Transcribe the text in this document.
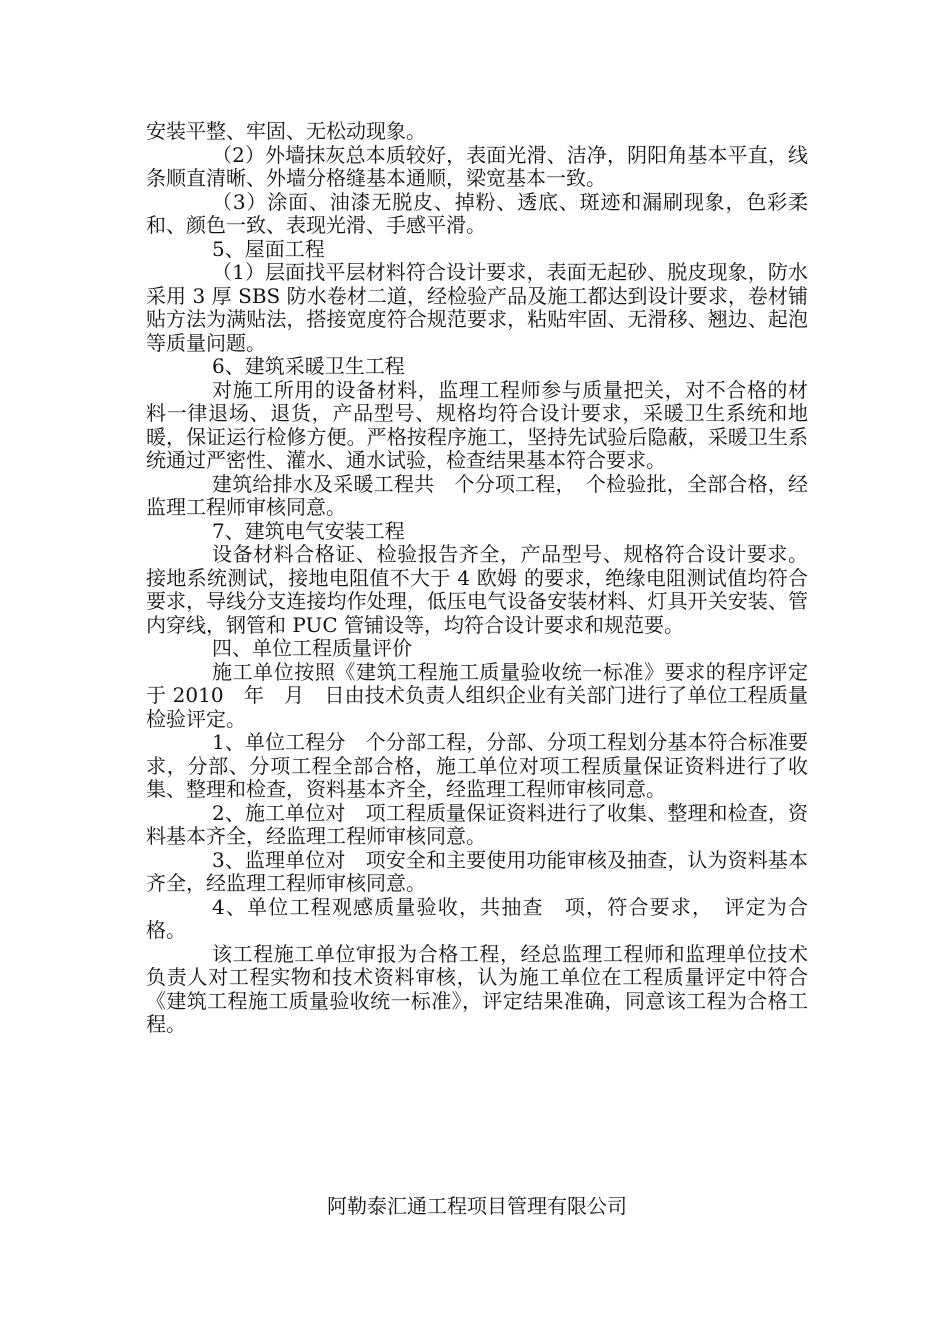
安装平整、牢固、无松动现象。

（2）外墙抹灰总本质较好，表面光滑、洁净，阴阳角基本平直，线条顺直清晰、外墙分格缝基本通顺，梁宽基本一致。

（3）涂面、油漆无脱皮、掉粉、透底、斑迹和漏刷现象，色彩柔和、颜色一致、表现光滑、手感平滑。

5、屋面工程

（1）层面找平层材料符合设计要求，表面无起砂、脱皮现象，防水采用 3 厚 SBS 防水卷材二道，经检验产品及施工都达到设计要求，卷材铺贴方法为满贴法，搭接宽度符合规范要求，粘贴牢固、无滑移、翘边、起泡等质量问题。

6、建筑采暖卫生工程

对施工所用的设备材料，监理工程师参与质量把关，对不合格的材料一律退场、退货，产品型号、规格均符合设计要求，采暖卫生系统和地暖，保证运行检修方便。严格按程序施工，坚持先试验后隐蔽，采暖卫生系统通过严密性、灌水、通水试验，检查结果基本符合要求。

建筑给排水及采暖工程共　个分项工程，　个检验批，全部合格，经监理工程师审核同意。

7、建筑电气安装工程

设备材料合格证、检验报告齐全，产品型号、规格符合设计要求。接地系统测试，接地电阻值不大于 4 欧姆 的要求，绝缘电阻测试值均符合要求，导线分支连接均作处理，低压电气设备安装材料、灯具开关安装、管内穿线，钢管和 PUC 管铺设等，均符合设计要求和规范要。

四、单位工程质量评价

施工单位按照《建筑工程施工质量验收统一标准》要求的程序评定于 2010　年　月　日由技术负责人组织企业有关部门进行了单位工程质量检验评定。

1、单位工程分　个分部工程，分部、分项工程划分基本符合标准要求，分部、分项工程全部合格，施工单位对项工程质量保证资料进行了收集、整理和检查，资料基本齐全，经监理工程师审核同意。

2、施工单位对　项工程质量保证资料进行了收集、整理和检查，资料基本齐全，经监理工程师审核同意。

3、监理单位对　项安全和主要使用功能审核及抽查，认为资料基本齐全，经监理工程师审核同意。

4、单位工程观感质量验收，共抽查　项，符合要求，　评定为合格。

该工程施工单位审报为合格工程，经总监理工程师和监理单位技术负责人对工程实物和技术资料审核，认为施工单位在工程质量评定中符合《建筑工程施工质量验收统一标准》，评定结果准确，同意该工程为合格工程。

阿勒泰汇通工程项目管理有限公司
